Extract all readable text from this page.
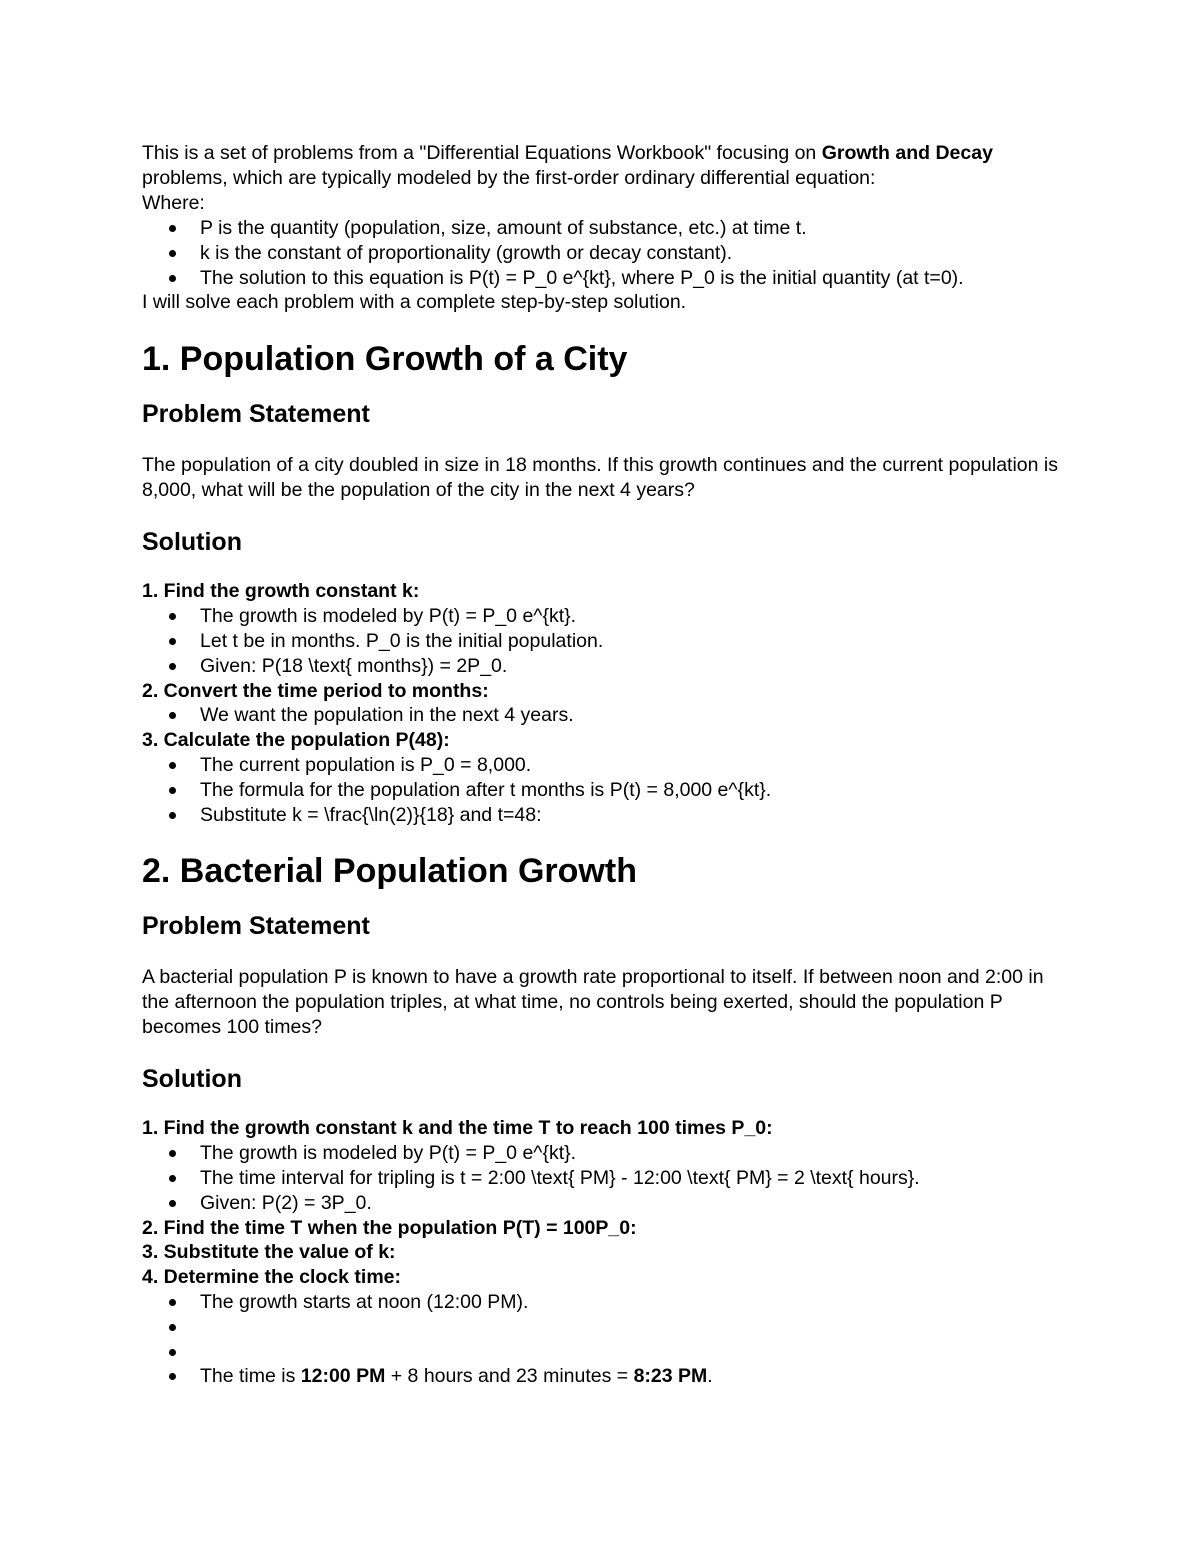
This is a set of problems from a "Differential Equations Workbook" focusing on Growth and Decay problems, which are typically modeled by the first-order ordinary differential equation:
Where:

P is the quantity (population, size, amount of substance, etc.) at time t.
k is the constant of proportionality (growth or decay constant).
The solution to this equation is P(t) = P_0 e^{kt}, where P_0 is the initial quantity (at t=0).

I will solve each problem with a complete step-by-step solution.

1. Population Growth of a City
Problem Statement

The population of a city doubled in size in 18 months. If this growth continues and the current population is 8,000, what will be the population of the city in the next 4 years?

Solution

1. Find the growth constant k:

The growth is modeled by P(t) = P_0 e^{kt}.
Let t be in months. P_0 is the initial population.
Given: P(18 \text{ months}) = 2P_0.

2. Convert the time period to months:

We want the population in the next 4 years.

3. Calculate the population P(48):

The current population is P_0 = 8,000.
The formula for the population after t months is P(t) = 8,000 e^{kt}.
Substitute k = \frac{\ln(2)}{18} and t=48:
2. Bacterial Population Growth
Problem Statement

A bacterial population P is known to have a growth rate proportional to itself. If between noon and 2:00 in the afternoon the population triples, at what time, no controls being exerted, should the population P becomes 100 times?

Solution

1. Find the growth constant k and the time T to reach 100 times P_0:

The growth is modeled by P(t) = P_0 e^{kt}.
The time interval for tripling is t = 2:00 \text{ PM} - 12:00 \text{ PM} = 2 \text{ hours}.
Given: P(2) = 3P_0.

2. Find the time T when the population P(T) = 100P_0:

3. Substitute the value of k:

4. Determine the clock time:

The growth starts at noon (12:00 PM).
The time is 12:00 PM + 8 hours and 23 minutes = 8:23 PM.
